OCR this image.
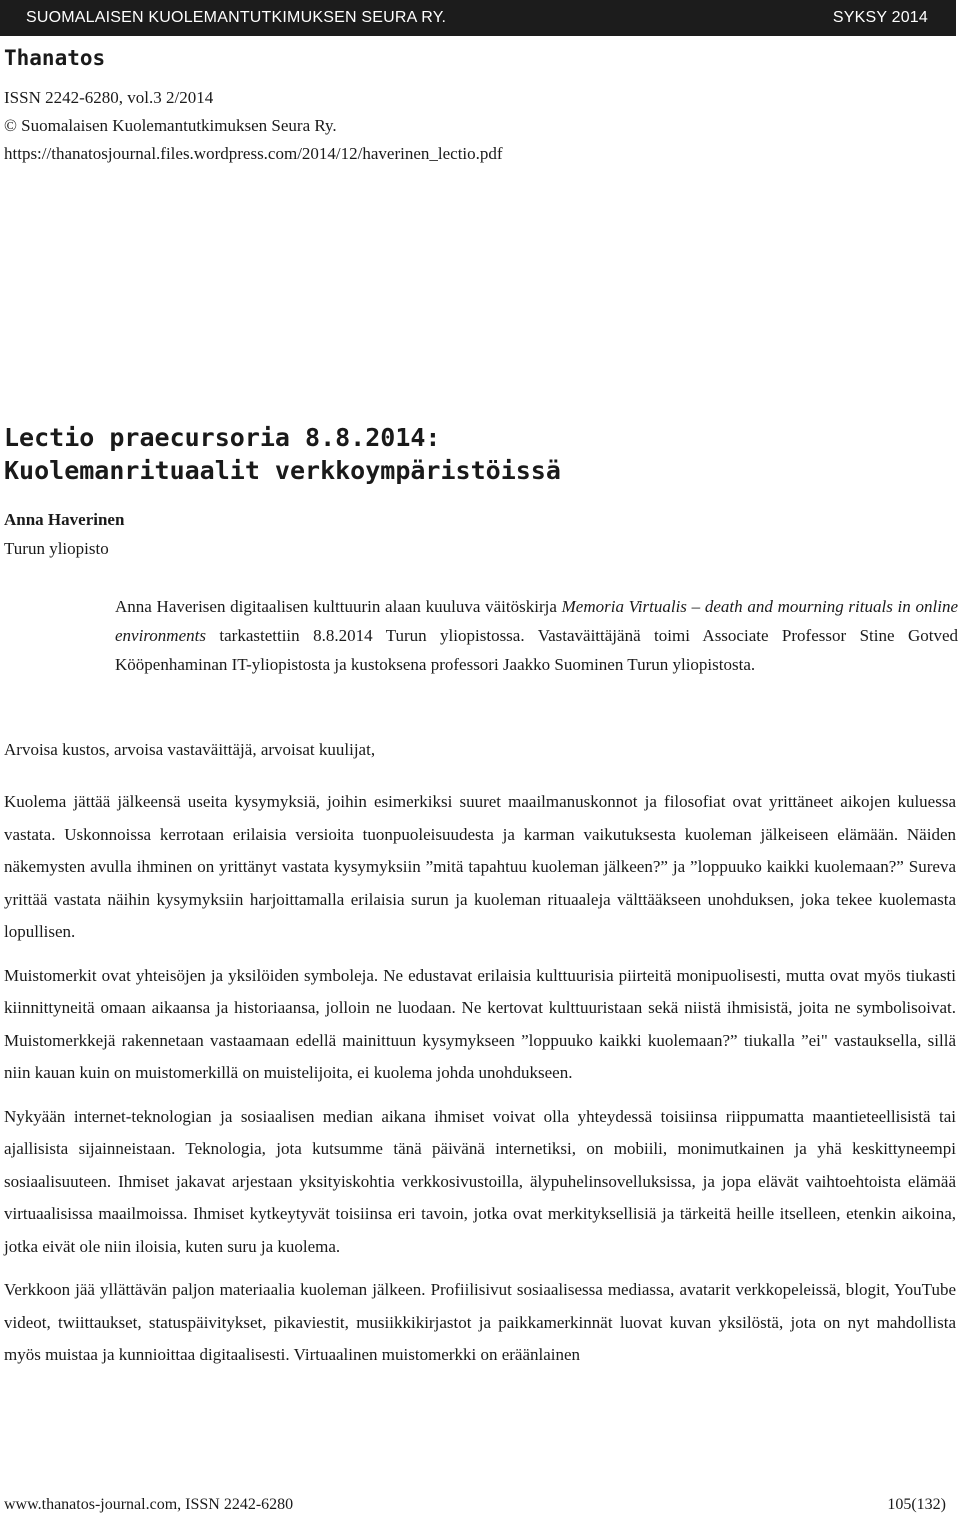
SUOMALAISEN KUOLEMANTUTKIMUKSEN SEURA RY.	SYKSY 2014
Thanatos
ISSN 2242-6280, vol.3 2/2014
© Suomalaisen Kuolemantutkimuksen Seura Ry.
https://thanatosjournal.files.wordpress.com/2014/12/haverinen_lectio.pdf
Lectio praecursoria 8.8.2014:
Kuolemanrituaalit verkkoympäristöissä
Anna Haverinen
Turun yliopisto

Anna Haverisen digitaalisen kulttuurin alaan kuuluva väitöskirja Memoria Virtualis – death and mourning rituals in online environments tarkastettiin 8.8.2014 Turun yliopistossa. Vastaväittäjänä toimi Associate Professor Stine Gotved Kööpenhaminan IT-yliopistosta ja kustoksena professori Jaakko Suominen Turun yliopistosta.

Arvoisa kustos, arvoisa vastaväittäjä, arvoisat kuulijat,

Kuolema jättää jälkeensä useita kysymyksiä, joihin esimerkiksi suuret maailmanuskonnot ja filosofiat ovat yrittäneet aikojen kuluessa vastata. Uskonnoissa kerrotaan erilaisia versioita tuonpuoleisuudesta ja karman vaikutuksesta kuoleman jälkeiseen elämään. Näiden näkemysten avulla ihminen on yrittänyt vastata kysymyksiin ”mitä tapahtuu kuoleman jälkeen?” ja ”loppuuko kaikki kuolemaan?” Sureva yrittää vastata näihin kysymyksiin harjoittamalla erilaisia surun ja kuoleman rituaaleja välttääkseen unohduksen, joka tekee kuolemasta lopullisen.

Muistomerkit ovat yhteisöjen ja yksilöiden symboleja. Ne edustavat erilaisia kulttuurisia piirteitä monipuolisesti, mutta ovat myös tiukasti kiinnittyneitä omaan aikaansa ja historiaansa, jolloin ne luodaan. Ne kertovat kulttuuristaan sekä niistä ihmisistä, joita ne symbolisoivat. Muistomerkkejä rakennetaan vastaamaan edellä mainittuun kysymykseen ”loppuuko kaikki kuolemaan?” tiukalla ”ei" vastauksella, sillä niin kauan kuin on muistomerkillä on muistelijoita, ei kuolema johda unohdukseen.

Nykyään internet-teknologian ja sosiaalisen median aikana ihmiset voivat olla yhteydessä toisiinsa riippumatta maantieteellisistä tai ajallisista sijainneistaan. Teknologia, jota kutsumme tänä päivänä internetiksi, on mobiili, monimutkainen ja yhä keskittyneempi sosiaalisuuteen. Ihmiset jakavat arjestaan yksityiskohtia verkkosivustoilla, älypuhelinsovelluksissa, ja jopa elävät vaihtoehtoista elämää virtuaalisissa maailmoissa. Ihmiset kytkeytyvät toisiinsa eri tavoin, jotka ovat merkityksellisiä ja tärkeitä heille itselleen, etenkin aikoina, jotka eivät ole niin iloisia, kuten suru ja kuolema.

Verkkoon jää yllättävän paljon materiaalia kuoleman jälkeen. Profiilisivut sosiaalisessa mediassa, avatarit verkkopeleissä, blogit, YouTube videot, twiittaukset, statuspäivitykset, pikaviestit, musiikkikirjastot ja paikkamerkinnät luovat kuvan yksilöstä, jota on nyt mahdollista myös muistaa ja kunnioittaa digitaalisesti. Virtuaalinen muistomerkki on eräänlainen

www.thanatos-journal.com, ISSN 2242-6280	105(132)
